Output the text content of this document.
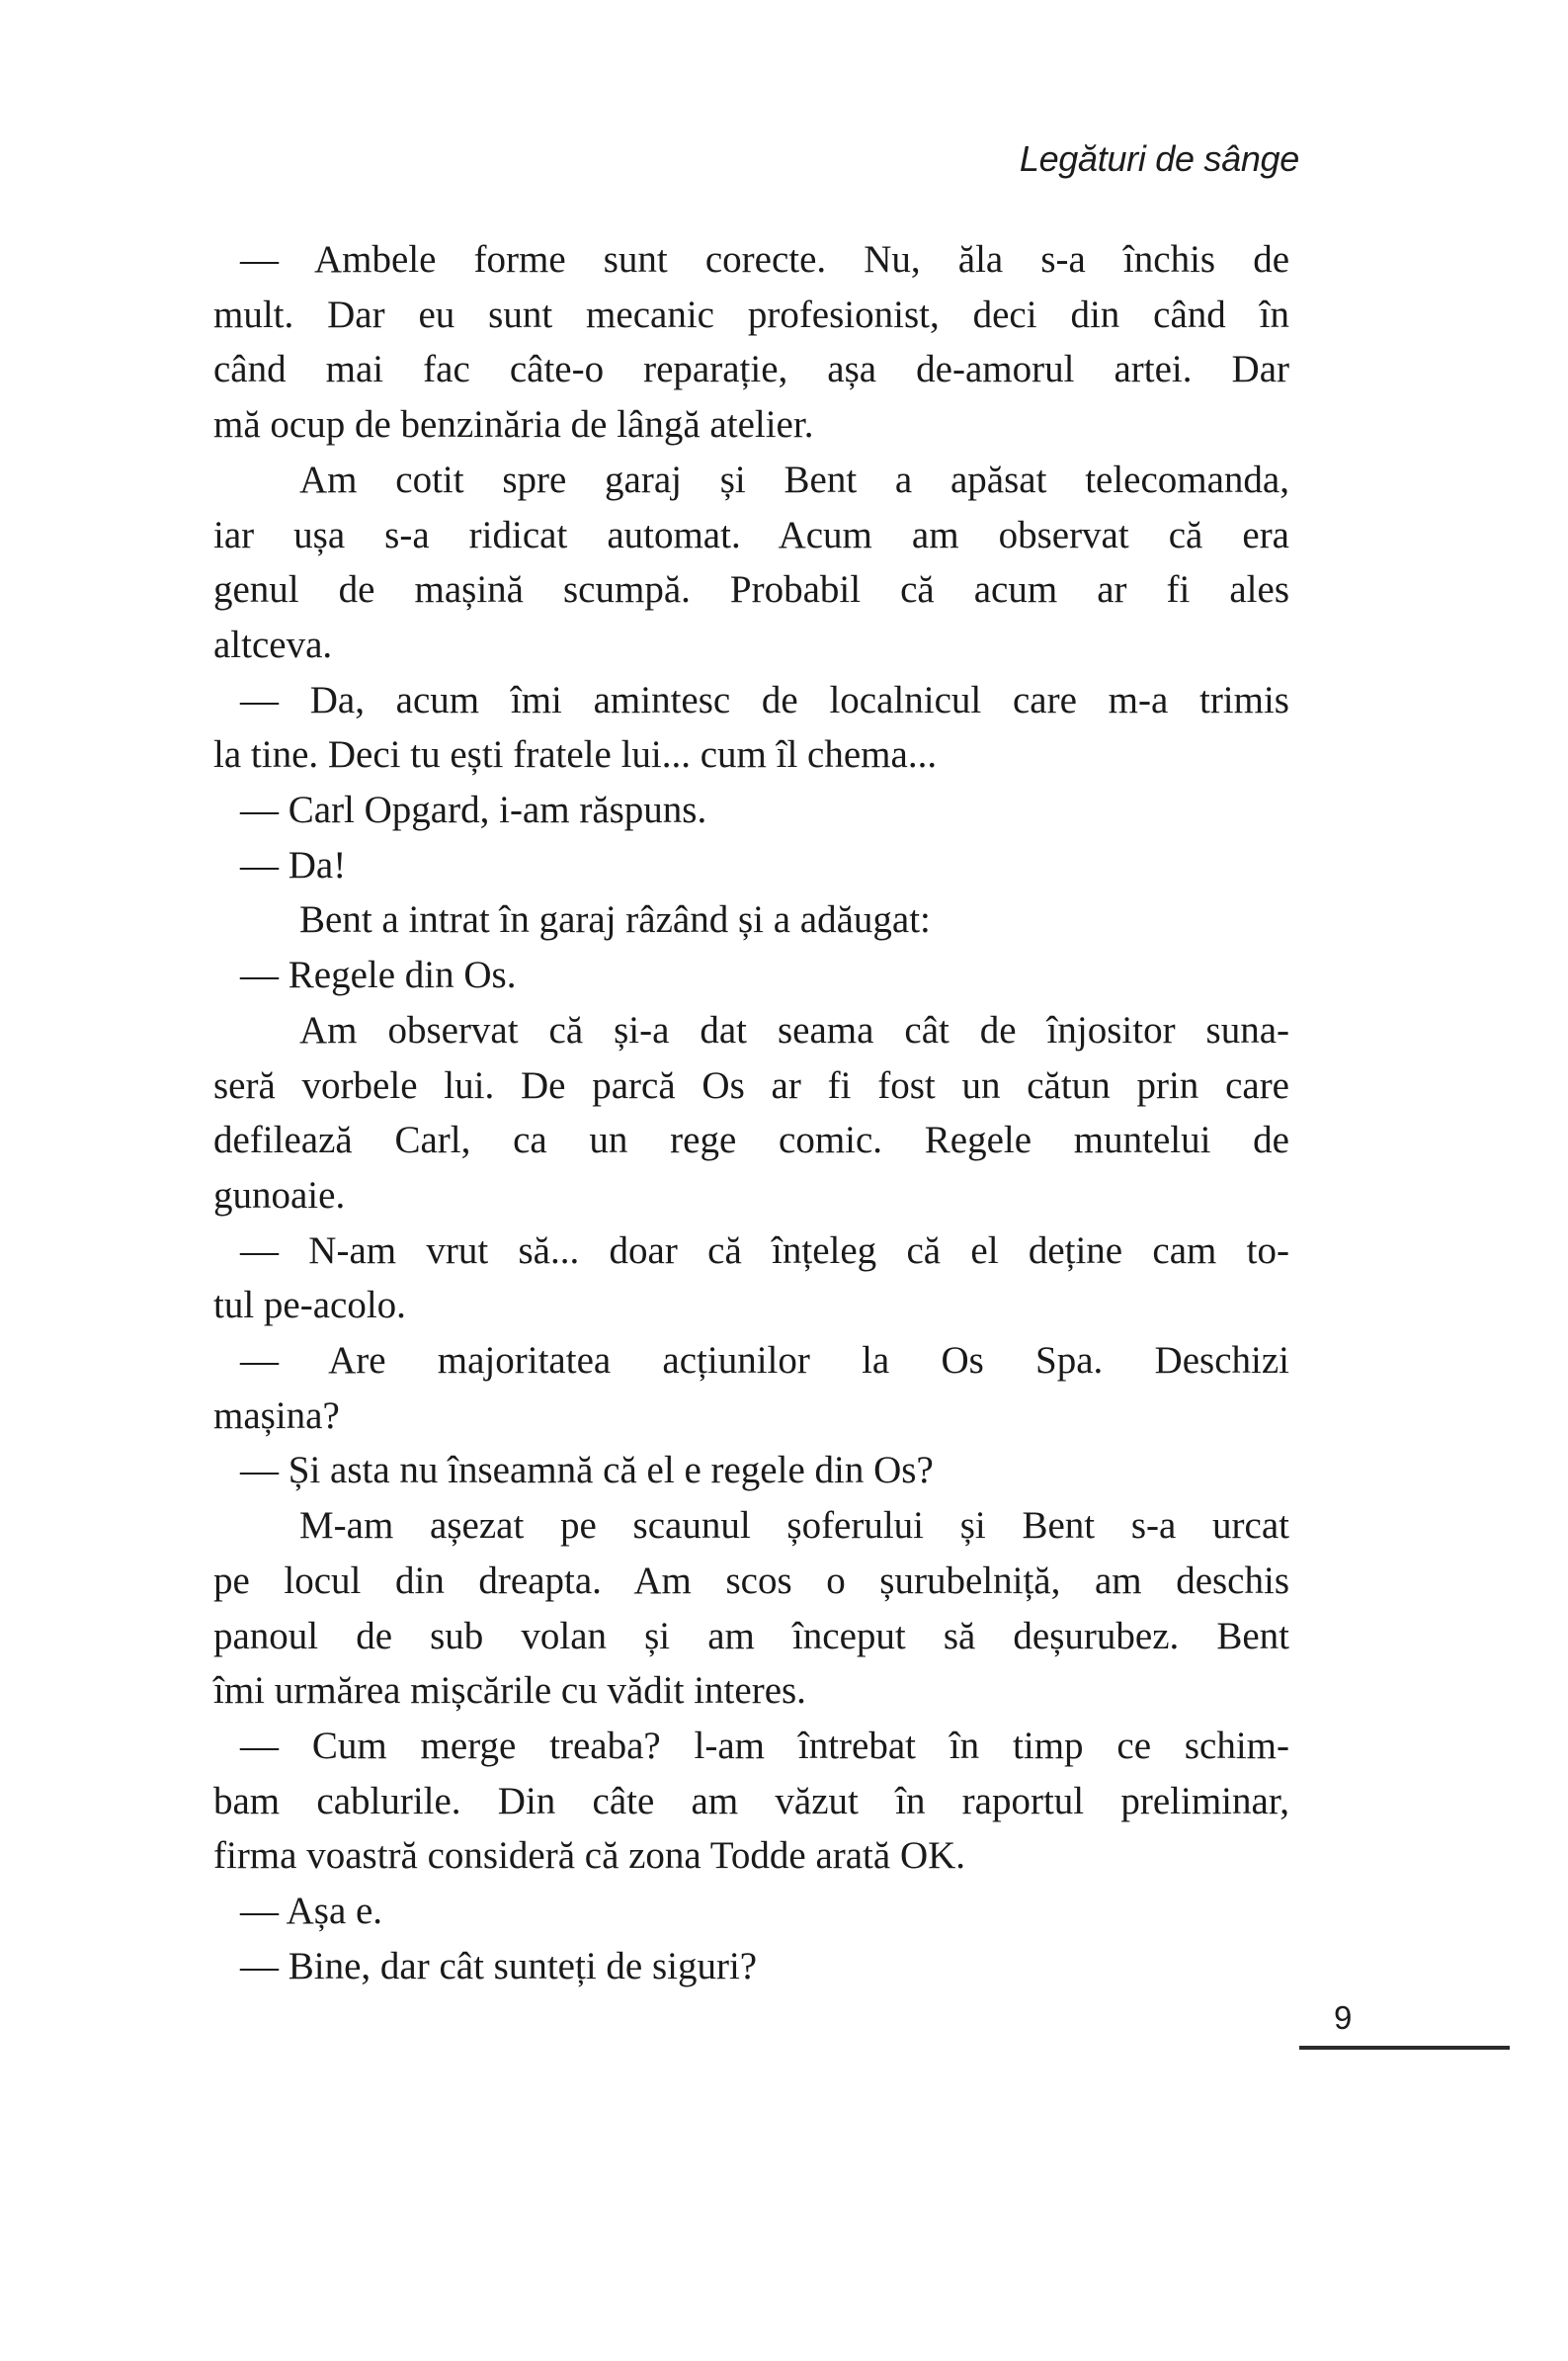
Legături de sânge
— Ambele forme sunt corecte. Nu, ăla s-a închis de
mult. Dar eu sunt mecanic profesionist, deci din când în
când mai fac câte-o reparație, așa de-amorul artei. Dar
mă ocup de benzinăria de lângă atelier.
Am cotit spre garaj și Bent a apăsat telecomanda,
iar ușa s-a ridicat automat. Acum am observat că era
genul de mașină scumpă. Probabil că acum ar fi ales
altceva.
— Da, acum îmi amintesc de localnicul care m-a trimis
la tine. Deci tu ești fratele lui... cum îl chema...
— Carl Opgard, i-am răspuns.
— Da!
Bent a intrat în garaj râzând și a adăugat:
— Regele din Os.
Am observat că și-a dat seama cât de înjositor suna-
seră vorbele lui. De parcă Os ar fi fost un cătun prin care
defilează Carl, ca un rege comic. Regele muntelui de
gunoaie.
— N-am vrut să... doar că înțeleg că el deține cam to-
tul pe-acolo.
— Are majoritatea acțiunilor la Os Spa. Deschizi
mașina?
— Și asta nu înseamnă că el e regele din Os?
M-am așezat pe scaunul șoferului și Bent s-a urcat
pe locul din dreapta. Am scos o șurubelniță, am deschis
panoul de sub volan și am început să deșurubez. Bent
îmi urmărea mișcările cu vădit interes.
— Cum merge treaba? l-am întrebat în timp ce schim-
bam cablurile. Din câte am văzut în raportul preliminar,
firma voastră consideră că zona Todde arată OK.
— Așa e.
— Bine, dar cât sunteți de siguri?
9
